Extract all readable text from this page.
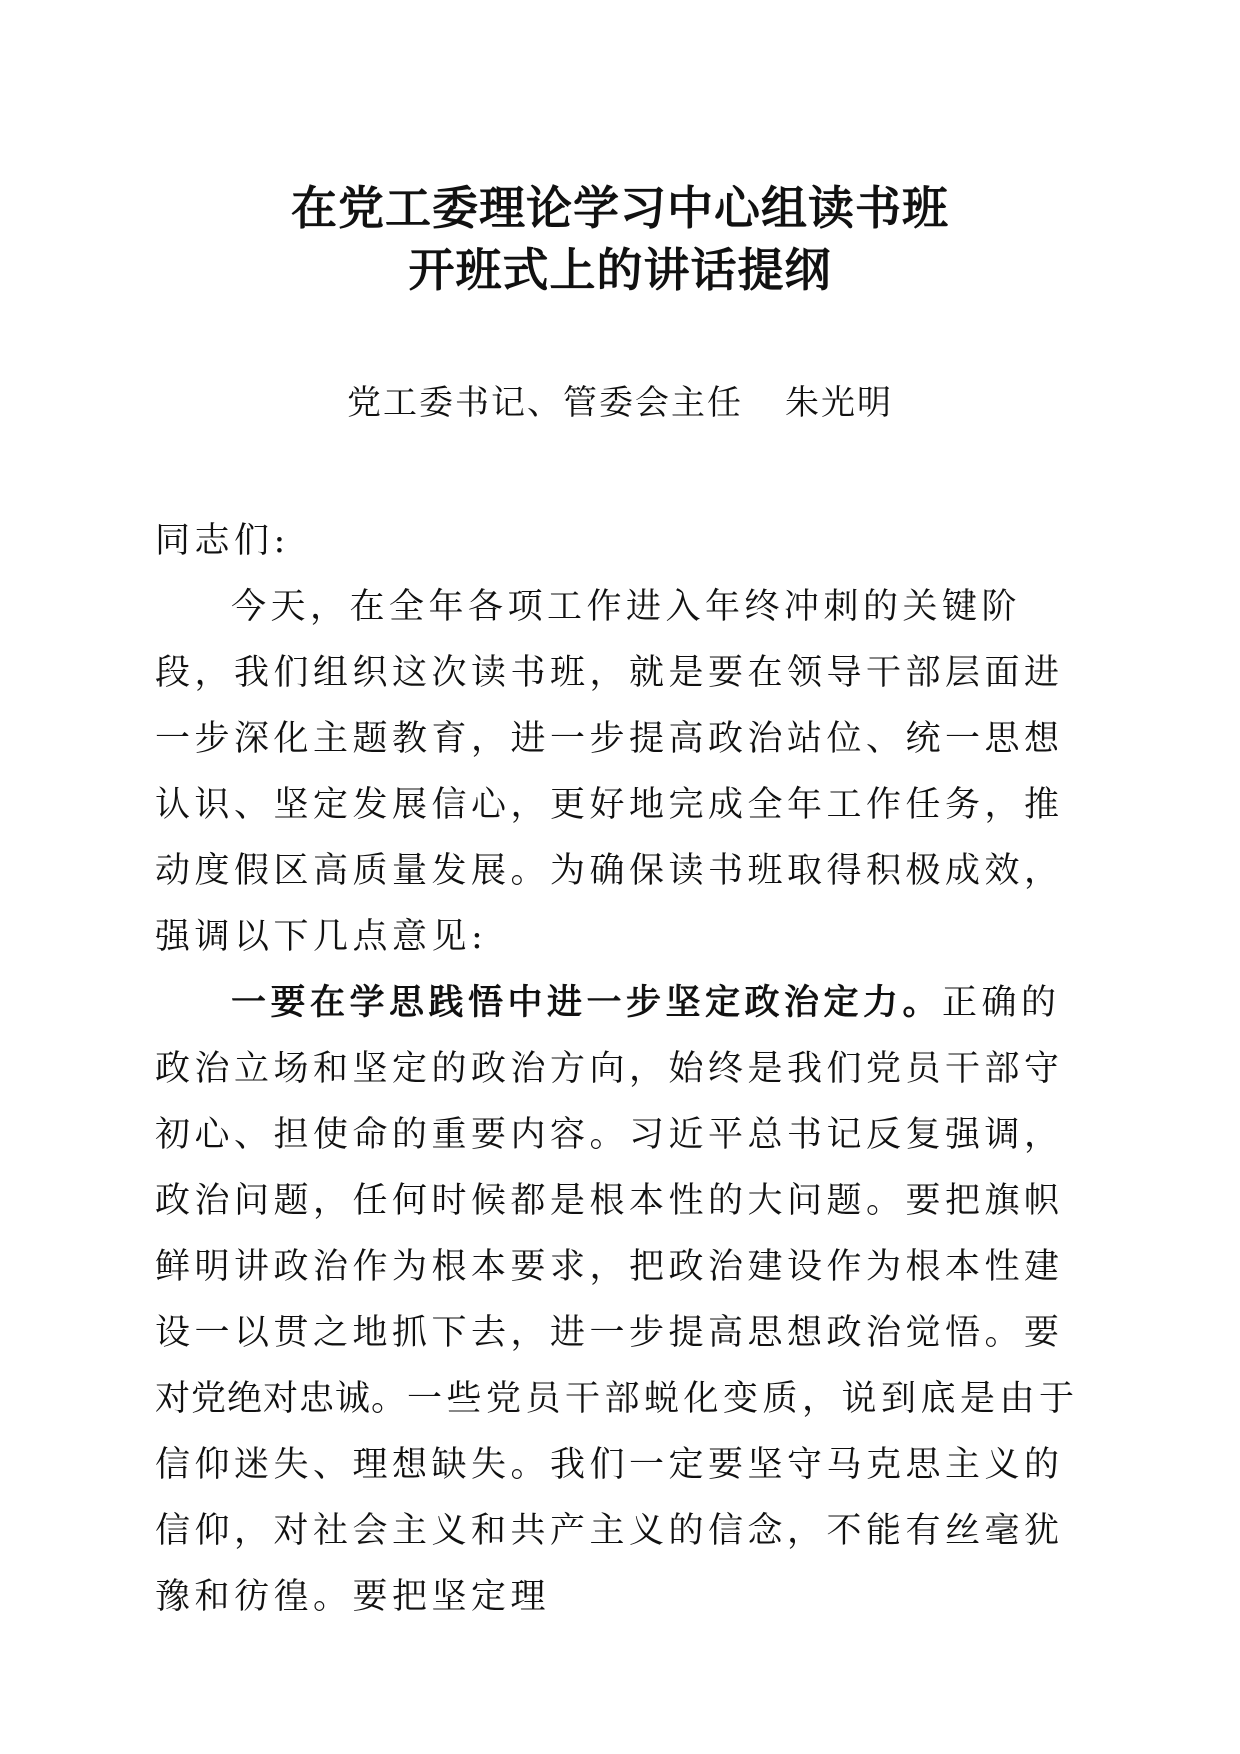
在党工委理论学习中心组读书班
开班式上的讲话提纲
党工委书记、管委会主任 朱光明
同志们:

今天，在全年各项工作进入年终冲刺的关键阶段，我们组织这次读书班，就是要在领导干部层面进一步深化主题教育，进一步提高政治站位、统一思想认识、坚定发展信心，更好地完成全年工作任务，推动度假区高质量发展。为确保读书班取得积极成效，强调以下几点意见:

一要在学思践悟中进一步坚定政治定力。正确的政治立场和坚定的政治方向，始终是我们党员干部守初心、担使命的重要内容。习近平总书记反复强调，政治问题，任何时候都是根本性的大问题。要把旗帜鲜明讲政治作为根本要求，把政治建设作为根本性建设一以贯之地抓下去，进一步提高思想政治觉悟。要对党绝对忠诚。一些党员干部蜕化变质，说到底是由于信仰迷失、理想缺失。我们一定要坚守马克思主义的信仰，对社会主义和共产主义的信念，不能有丝毫犹豫和彷徨。要把坚定理
